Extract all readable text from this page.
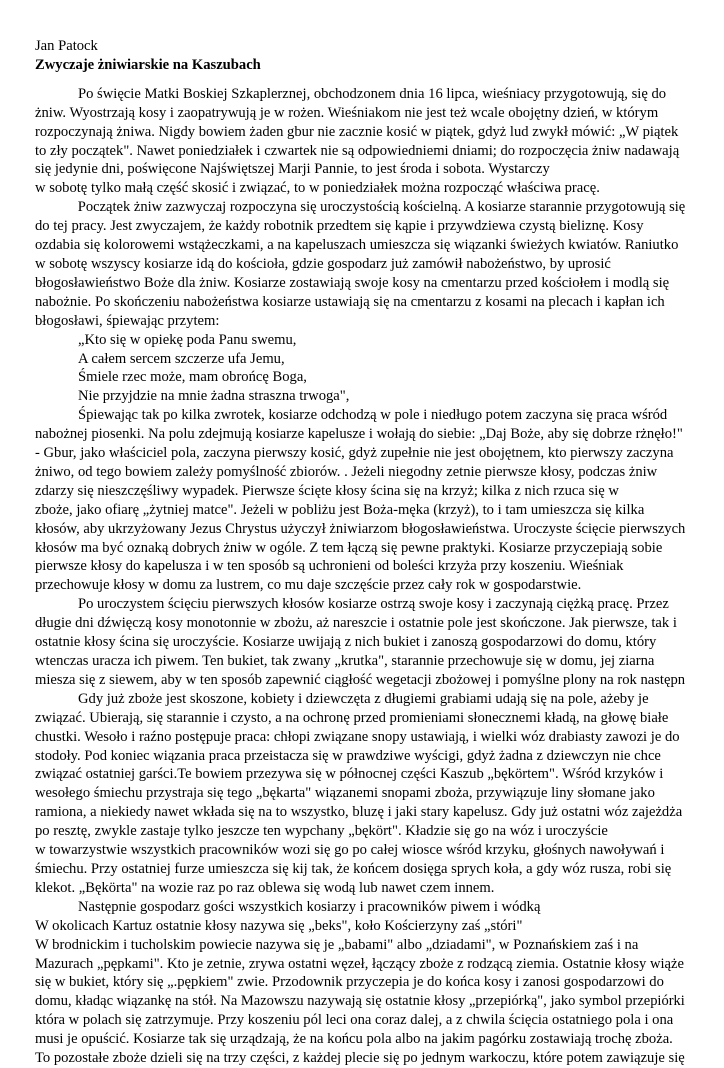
Jan Patock
Zwyczaje żniwiarskie na Kaszubach
Po święcie Matki Boskiej Szkaplerznej, obchodzonem dnia 16 lipca, wieśniacy przygotowują, się do
żniw. Wyostrzają kosy i zaopatrywują je w rożen. Wieśniakom nie jest też wcale obojętny dzień, w którym
rozpoczynają żniwa. Nigdy bowiem żaden gbur nie zacznie kosić w piątek, gdyż lud zwykł mówić: „W piątek
to zły początek". Nawet poniedziałek i czwartek nie są odpowiedniemi dniami; do rozpoczęcia żniw nadawają
się jedynie dni, poświęcone Najświętszej Marji Pannie, to jest środa i sobota. Wystarczy
w sobotę tylko małą część skosić i związać, to w poniedziałek można rozpocząć właściwa pracę.
Początek żniw zazwyczaj rozpoczyna się uroczystością kościelną. A kosiarze starannie przygotowują się
do tej pracy. Jest zwyczajem, że każdy robotnik przedtem się kąpie i przywdziewa czystą bieliznę. Kosy
ozdabia się kolorowemi wstążeczkami, a na kapeluszach umieszcza się wiązanki świeżych kwiatów. Raniutko
w sobotę wszyscy kosiarze idą do kościoła, gdzie gospodarz już zamówił nabożeństwo, by uprosić
błogosławieństwo Boże dla żniw. Kosiarze zostawiają swoje kosy na cmentarzu przed kościołem i modlą się
nabożnie. Po skończeniu nabożeństwa kosiarze ustawiają się na cmentarzu z kosami na plecach i kapłan ich
błogosławi, śpiewając przytem:
„Kto się w opiekę poda Panu swemu,
A całem sercem szczerze ufa Jemu,
Śmiele rzec może, mam obrońcę Boga,
Nie przyjdzie na mnie żadna straszna trwoga",
Śpiewając tak po kilka zwrotek, kosiarze odchodzą w pole i niedługo potem zaczyna się praca wśród
nabożnej piosenki. Na polu zdejmują kosiarze kapelusze i wołają do siebie: „Daj Boże, aby się dobrze rżnęło!"
- Gbur, jako właściciel pola, zaczyna pierwszy kosić, gdyż zupełnie nie jest obojętnem, kto pierwszy zaczyna
żniwo, od tego bowiem zależy pomyślność zbiorów. . Jeżeli niegodny zetnie pierwsze kłosy, podczas żniw
zdarzy się nieszczęśliwy wypadek. Pierwsze ścięte kłosy ścina się na krzyż; kilka z nich rzuca się w
zboże, jako ofiarę „żytniej matce". Jeżeli w pobliżu jest Boża-męka (krzyż), to i tam umieszcza się kilka
kłosów, aby ukrzyżowany Jezus Chrystus użyczył żniwiarzom błogosławieństwa. Uroczyste ścięcie pierwszych
kłosów ma być oznaką dobrych żniw w ogóle. Z tem łączą się pewne praktyki. Kosiarze przyczepiają sobie
pierwsze kłosy do kapelusza i w ten sposób są uchronieni od boleści krzyża przy koszeniu. Wieśniak
przechowuje kłosy w domu za lustrem, co mu daje szczęście przez cały rok w gospodarstwie.
Po uroczystem ścięciu pierwszych kłosów kosiarze ostrzą swoje kosy i zaczynają ciężką pracę. Przez
długie dni dźwięczą kosy monotonnie w zbożu, aż nareszcie i ostatnie pole jest skończone. Jak pierwsze, tak i
ostatnie kłosy ścina się uroczyście. Kosiarze uwijają z nich bukiet i zanoszą gospodarzowi do domu, który
wtenczas uracza ich piwem. Ten bukiet, tak zwany „krutka", starannie przechowuje się w domu, jej ziarna
miesza się z siewem, aby w ten sposób zapewnić ciągłość wegetacji zbożowej i pomyślne plony na rok następn
Gdy już zboże jest skoszone, kobiety i dziewczęta z długiemi grabiami udają się na pole, ażeby je
związać. Ubierają, się starannie i czysto, a na ochronę przed promieniami słonecznemi kładą, na głowę białe
chustki. Wesoło i raźno postępuje praca: chłopi związane snopy ustawiają, i wielki wóz drabiasty zawozi je do
stodoły. Pod koniec wiązania praca przeistacza się w prawdziwe wyścigi, gdyż żadna z dziewczyn nie chce
związać ostatniej garści.Te bowiem przezywa się w północnej części Kaszub „bękörtem". Wśród krzyków i
wesołego śmiechu przystraja się tego „bękarta" wiązanemi snopami zboża, przywiązuje liny słomane jako
ramiona, a niekiedy nawet wkłada się na to wszystko, bluzę i jaki stary kapelusz. Gdy już ostatni wóz zajeżdża
po resztę, zwykle zastaje tylko jeszcze ten wypchany „bękört". Kładzie się go na wóz i uroczyście
w towarzystwie wszystkich pracowników wozi się go po całej wiosce wśród krzyku, głośnych nawoływań i
śmiechu. Przy ostatniej furze umieszcza się kij tak, że końcem dosięga sprych koła, a gdy wóz rusza, robi się
klekot. „Bękörta" na wozie raz po raz oblewa się wodą lub nawet czem innem.
Następnie gospodarz gości wszystkich kosiarzy i pracowników piwem i wódką
W okolicach Kartuz ostatnie kłosy nazywa się „beks", koło Kościerzyny zaś „stóri"
W brodnickim i tucholskim powiecie nazywa się je „babami" albo „dziadami", w Poznańskiem zaś i na
Mazurach „pępkami". Kto je zetnie, zrywa ostatni węzeł, łączący zboże z rodzącą ziemia. Ostatnie kłosy wiąże
się w bukiet, który się „.pępkiem" zwie. Przodownik przyczepia je do końca kosy i zanosi gospodarzowi do
domu, kładąc wiązankę na stół. Na Mazowszu nazywają się ostatnie kłosy „przepiórką", jako symbol przepiórki
która w polach się zatrzymuje. Przy koszeniu pól leci ona coraz dalej, a z chwila ścięcia ostatniego pola i ona
musi je opuścić. Kosiarze tak się urządzają, że na końcu pola albo na jakim pagórku zostawiają trochę zboża.
To pozostałe zboże dzieli się na trzy części, z każdej plecie się po jednym warkoczu, które potem zawiązuje się
